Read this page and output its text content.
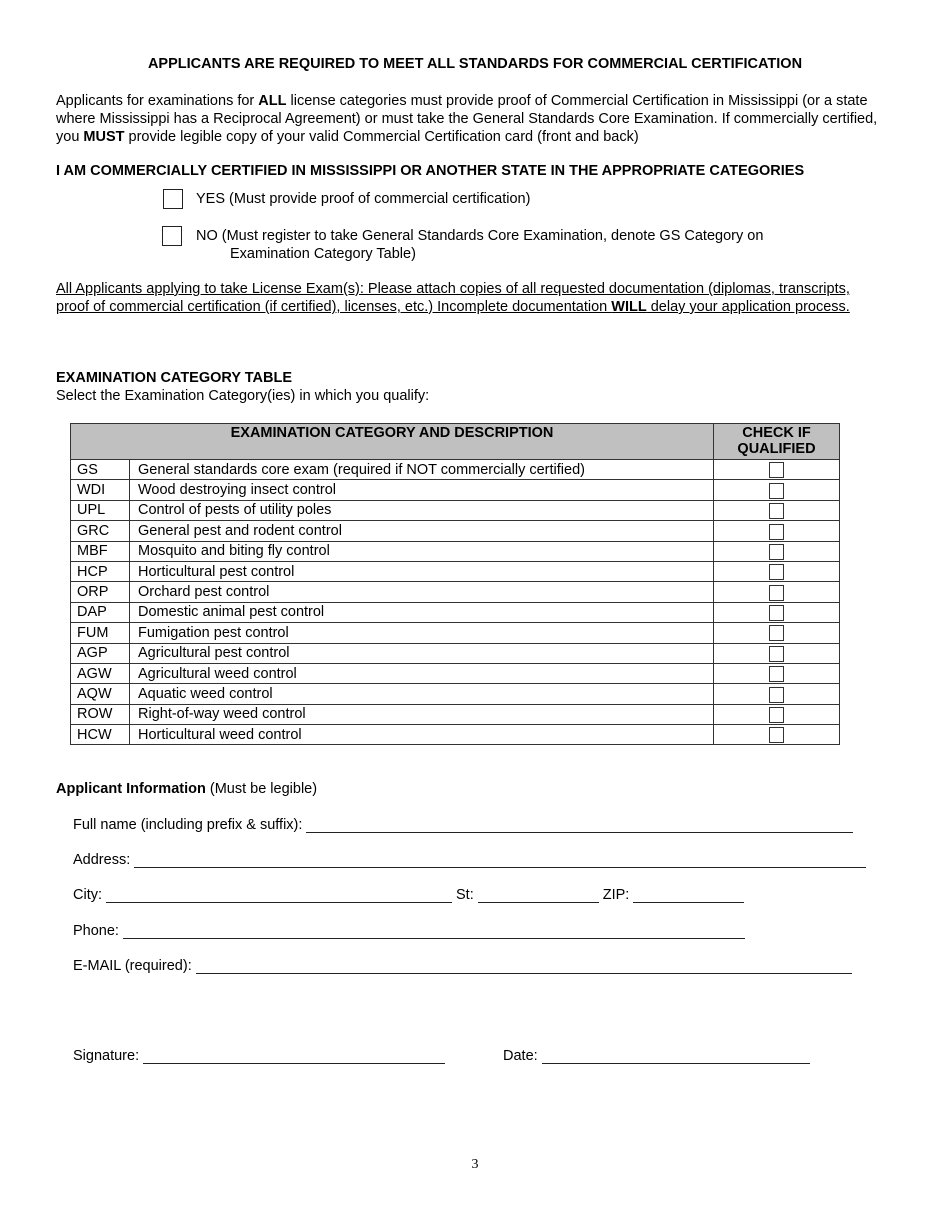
APPLICANTS ARE REQUIRED TO MEET ALL STANDARDS FOR COMMERCIAL CERTIFICATION
Applicants for examinations for ALL license categories must provide proof of Commercial Certification in Mississippi (or a state where Mississippi has a Reciprocal Agreement) or must take the General Standards Core Examination. If commercially certified, you MUST provide legible copy of your valid Commercial Certification card (front and back)
I AM COMMERCIALLY CERTIFIED IN MISSISSIPPI OR ANOTHER STATE IN THE APPROPRIATE CATEGORIES
YES (Must provide proof of commercial certification)
NO (Must register to take General Standards Core Examination, denote GS Category on
Examination Category Table)
All Applicants applying to take License Exam(s): Please attach copies of all requested documentation (diplomas, transcripts, proof of commercial certification (if certified), licenses, etc.) Incomplete documentation WILL delay your application process.
EXAMINATION CATEGORY TABLE
Select the Examination Category(ies) in which you qualify:
EXAMINATION CATEGORY AND DESCRIPTION		CHECK IF
QUALIFIED
GS	General standards core exam (required if NOT commercially certified)	
WDI	Wood destroying insect control	
UPL	Control of pests of utility poles	
GRC	General pest and rodent control	
MBF	Mosquito and biting fly control	
HCP	Horticultural pest control	
ORP	Orchard pest control	
DAP	Domestic animal pest control	
FUM	Fumigation pest control	
AGP	Agricultural pest control	
AGW	Agricultural weed control	
AQW	Aquatic weed control	
ROW	Right-of-way weed control	
HCW	Horticultural weed control	
Applicant Information (Must be legible)
Full name (including prefix & suffix):
Address:
City:	St:	ZIP:
Phone:
E-MAIL (required):
Signature:	Date:
3
